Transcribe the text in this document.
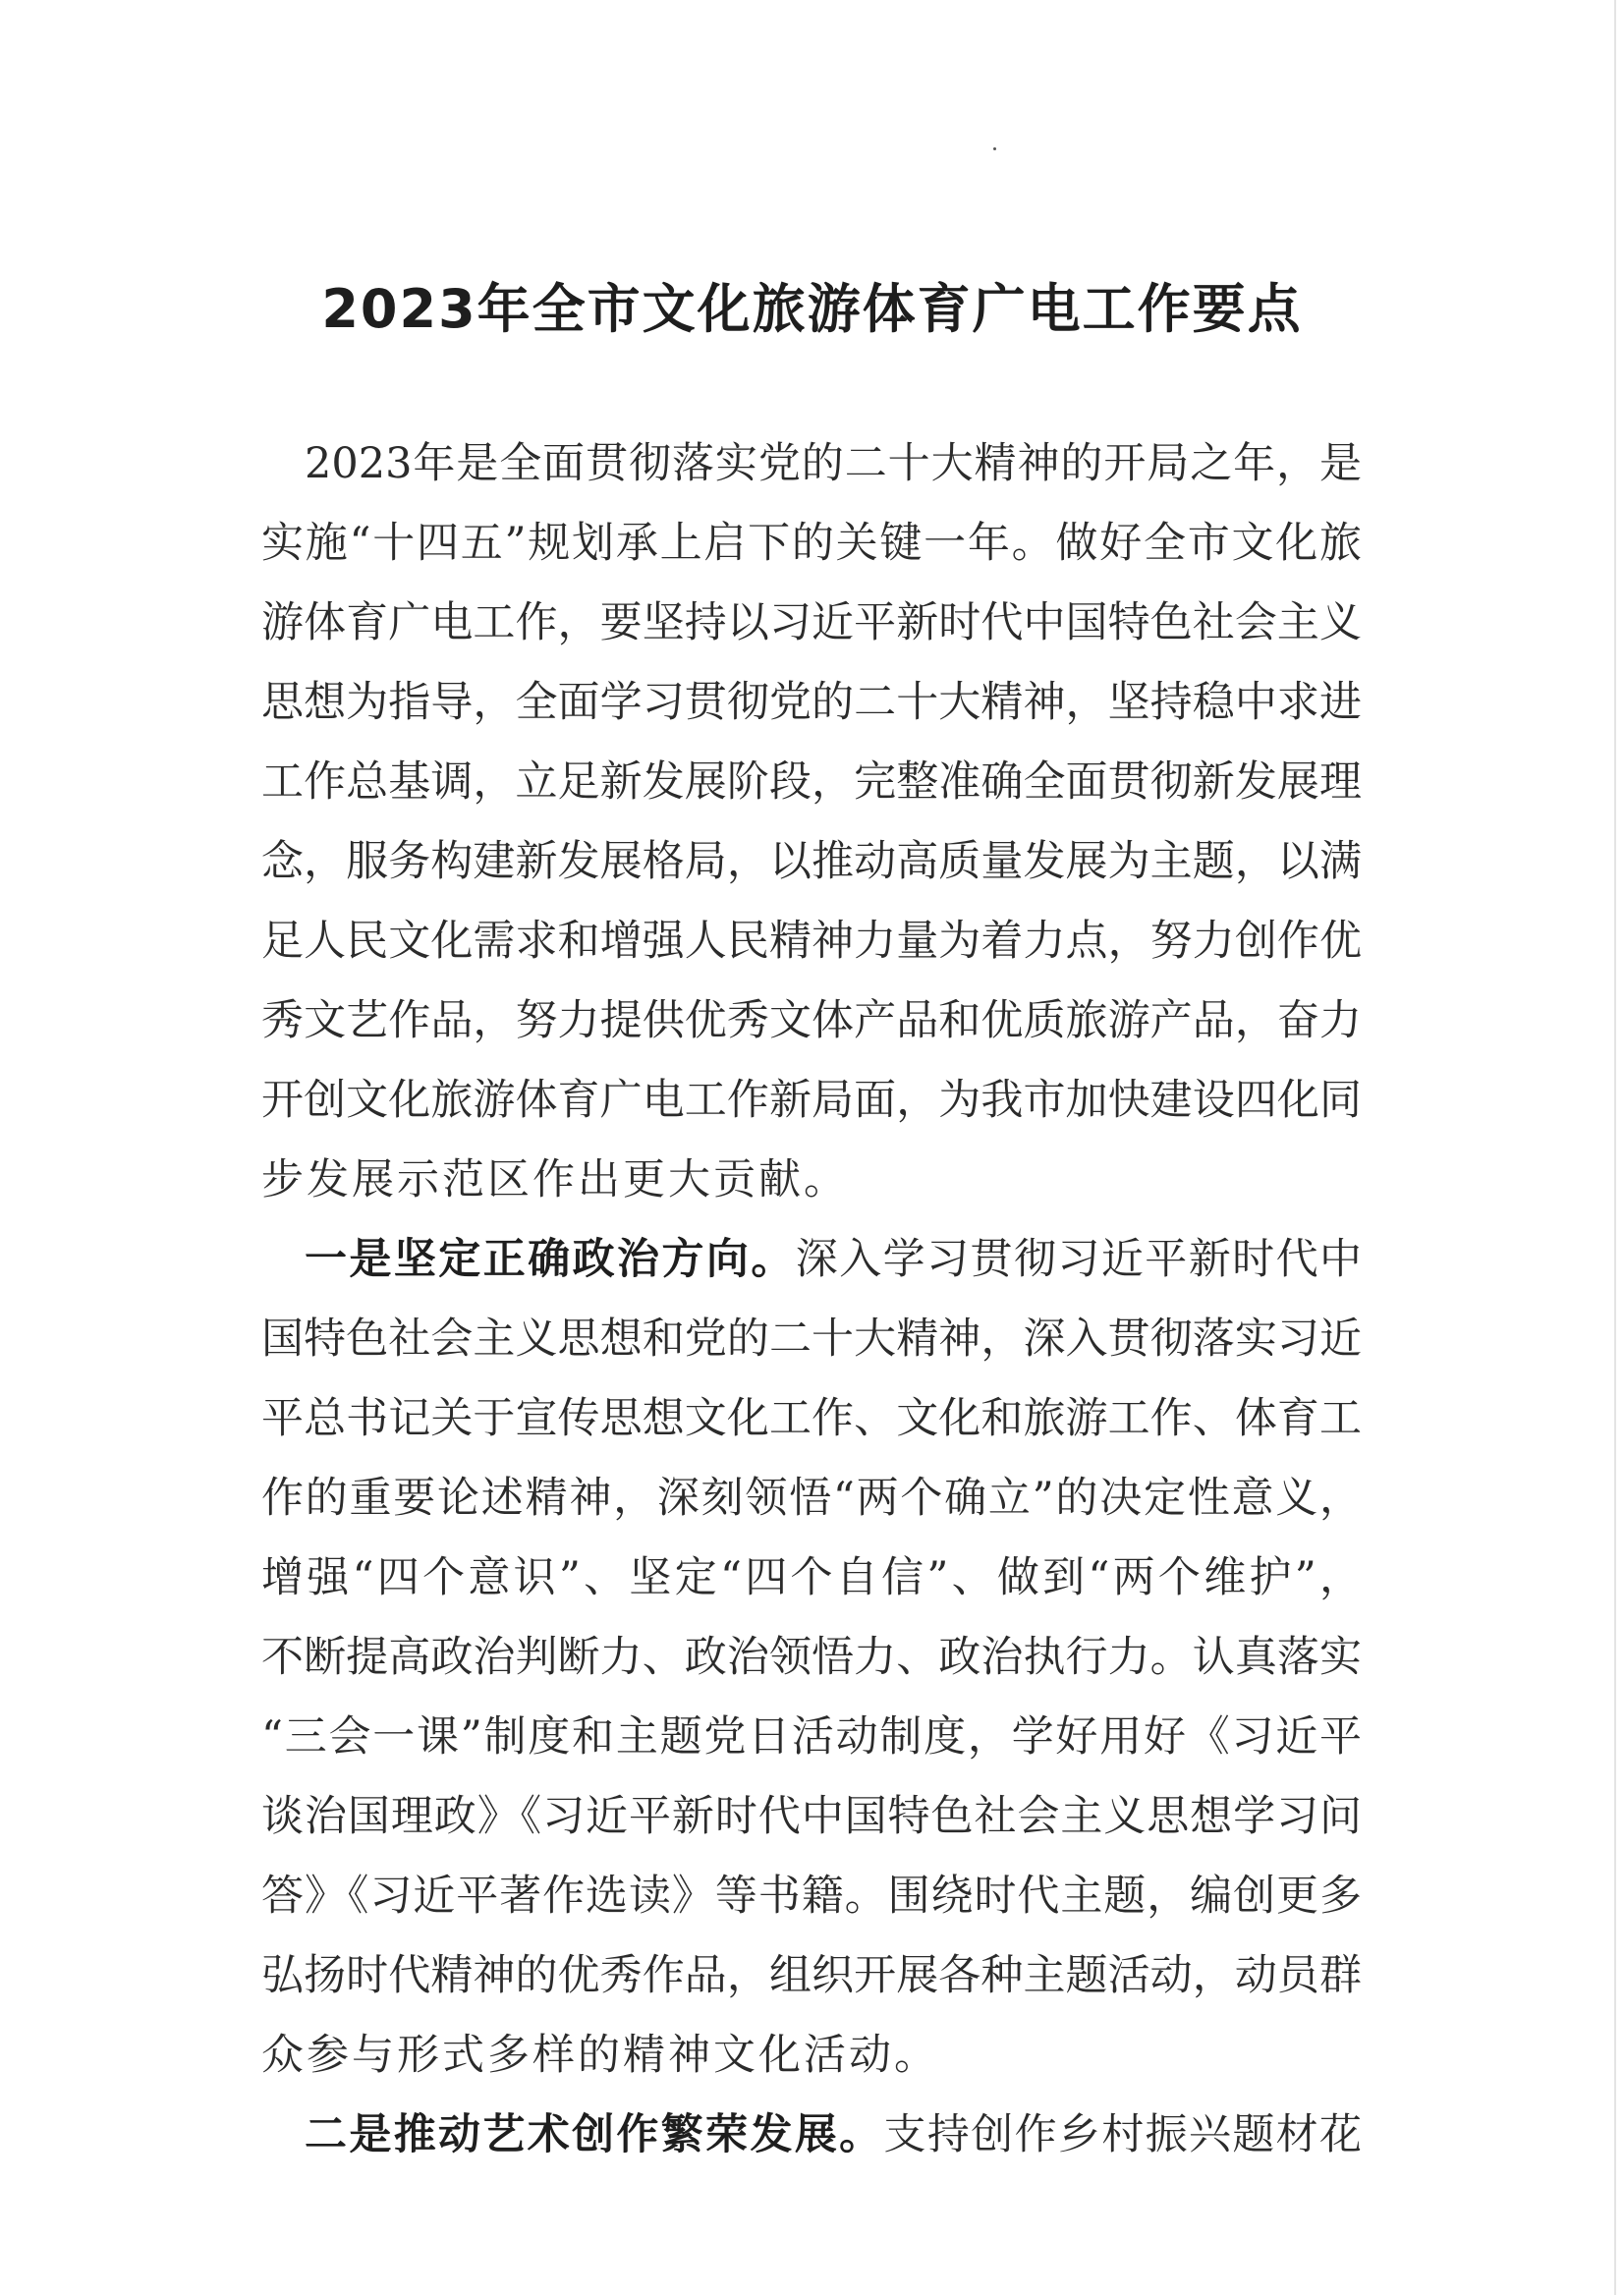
2023年全市文化旅游体育广电工作要点
2023年是全面贯彻落实党的二十大精神的开局之年，是
实施“十四五”规划承上启下的关键一年。做好全市文化旅
游体育广电工作，要坚持以习近平新时代中国特色社会主义
思想为指导，全面学习贯彻党的二十大精神，坚持稳中求进
工作总基调，立足新发展阶段，完整准确全面贯彻新发展理
念，服务构建新发展格局，以推动高质量发展为主题，以满
足人民文化需求和增强人民精神力量为着力点，努力创作优
秀文艺作品，努力提供优秀文体产品和优质旅游产品，奋力
开创文化旅游体育广电工作新局面，为我市加快建设四化同
步发展示范区作出更大贡献。
一是坚定正确政治方向。深入学习贯彻习近平新时代中
国特色社会主义思想和党的二十大精神，深入贯彻落实习近
平总书记关于宣传思想文化工作、文化和旅游工作、体育工
作的重要论述精神，深刻领悟“两个确立”的决定性意义，
增强“四个意识”、坚定“四个自信”、做到“两个维护”，
不断提高政治判断力、政治领悟力、政治执行力。认真落实
“三会一课”制度和主题党日活动制度，学好用好《习近平
谈治国理政》《习近平新时代中国特色社会主义思想学习问
答》《习近平著作选读》等书籍。围绕时代主题，编创更多
弘扬时代精神的优秀作品，组织开展各种主题活动，动员群
众参与形式多样的精神文化活动。
二是推动艺术创作繁荣发展。支持创作乡村振兴题材花
